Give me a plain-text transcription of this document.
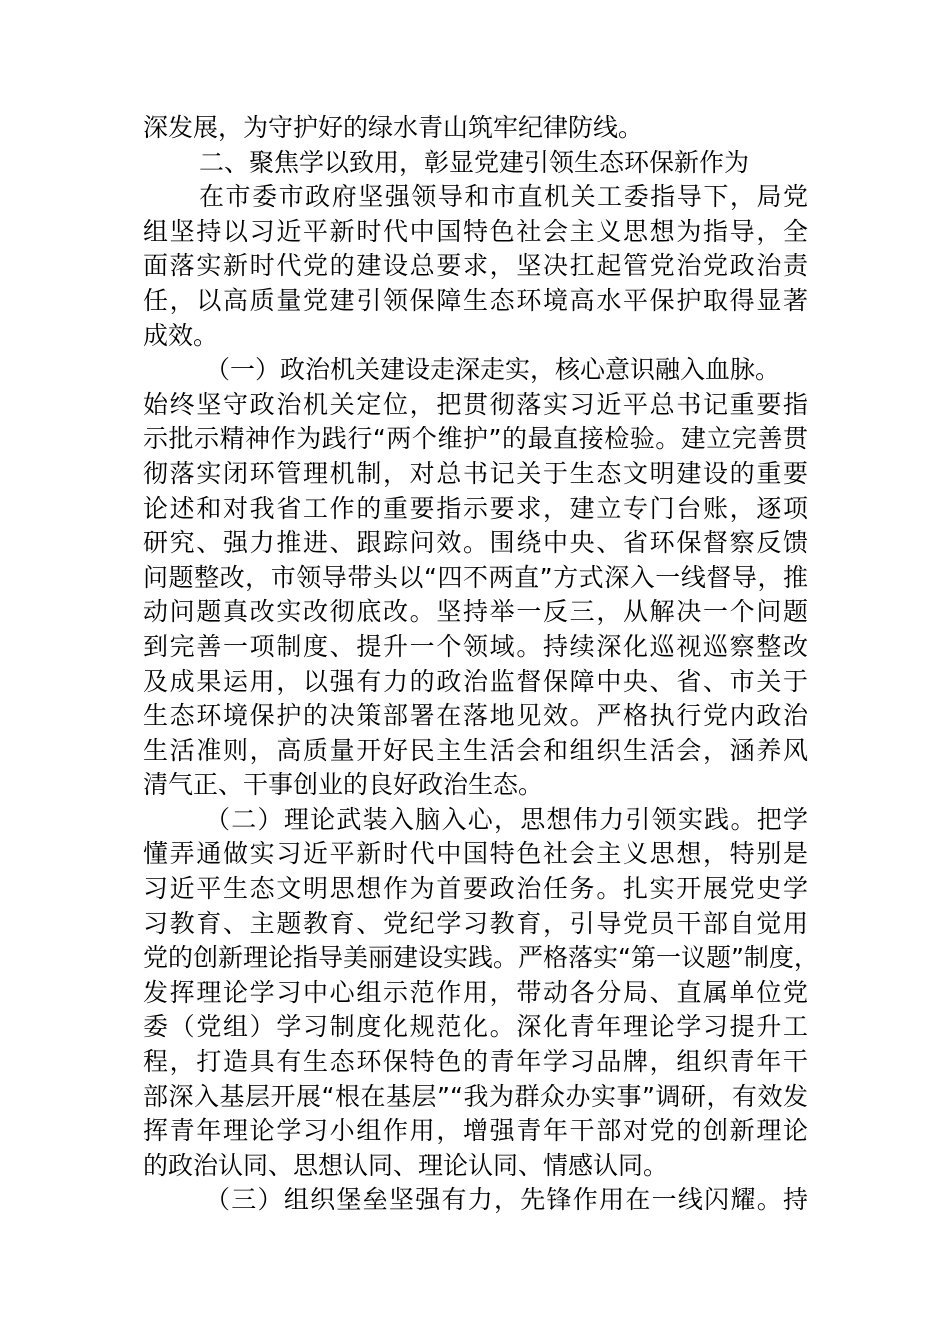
深发展，为守护好的绿水青山筑牢纪律防线。
二、聚焦学以致用，彰显党建引领生态环保新作为
在市委市政府坚强领导和市直机关工委指导下，局党
组坚持以习近平新时代中国特色社会主义思想为指导，全
面落实新时代党的建设总要求，坚决扛起管党治党政治责
任，以高质量党建引领保障生态环境高水平保护取得显著
成效。
（一）政治机关建设走深走实，核心意识融入血脉。
始终坚守政治机关定位，把贯彻落实习近平总书记重要指
示批示精神作为践行“两个维护”的最直接检验。建立完善贯
彻落实闭环管理机制，对总书记关于生态文明建设的重要
论述和对我省工作的重要指示要求，建立专门台账，逐项
研究、强力推进、跟踪问效。围绕中央、省环保督察反馈
问题整改，市领导带头以“四不两直”方式深入一线督导，推
动问题真改实改彻底改。坚持举一反三，从解决一个问题
到完善一项制度、提升一个领域。持续深化巡视巡察整改
及成果运用，以强有力的政治监督保障中央、省、市关于
生态环境保护的决策部署在落地见效。严格执行党内政治
生活准则，高质量开好民主生活会和组织生活会，涵养风
清气正、干事创业的良好政治生态。
（二）理论武装入脑入心，思想伟力引领实践。把学
懂弄通做实习近平新时代中国特色社会主义思想，特别是
习近平生态文明思想作为首要政治任务。扎实开展党史学
习教育、主题教育、党纪学习教育，引导党员干部自觉用
党的创新理论指导美丽建设实践。严格落实“第一议题”制度，
发挥理论学习中心组示范作用，带动各分局、直属单位党
委（党组）学习制度化规范化。深化青年理论学习提升工
程，打造具有生态环保特色的青年学习品牌，组织青年干
部深入基层开展“根在基层”“我为群众办实事”调研，有效发
挥青年理论学习小组作用，增强青年干部对党的创新理论
的政治认同、思想认同、理论认同、情感认同。
（三）组织堡垒坚强有力，先锋作用在一线闪耀。持
